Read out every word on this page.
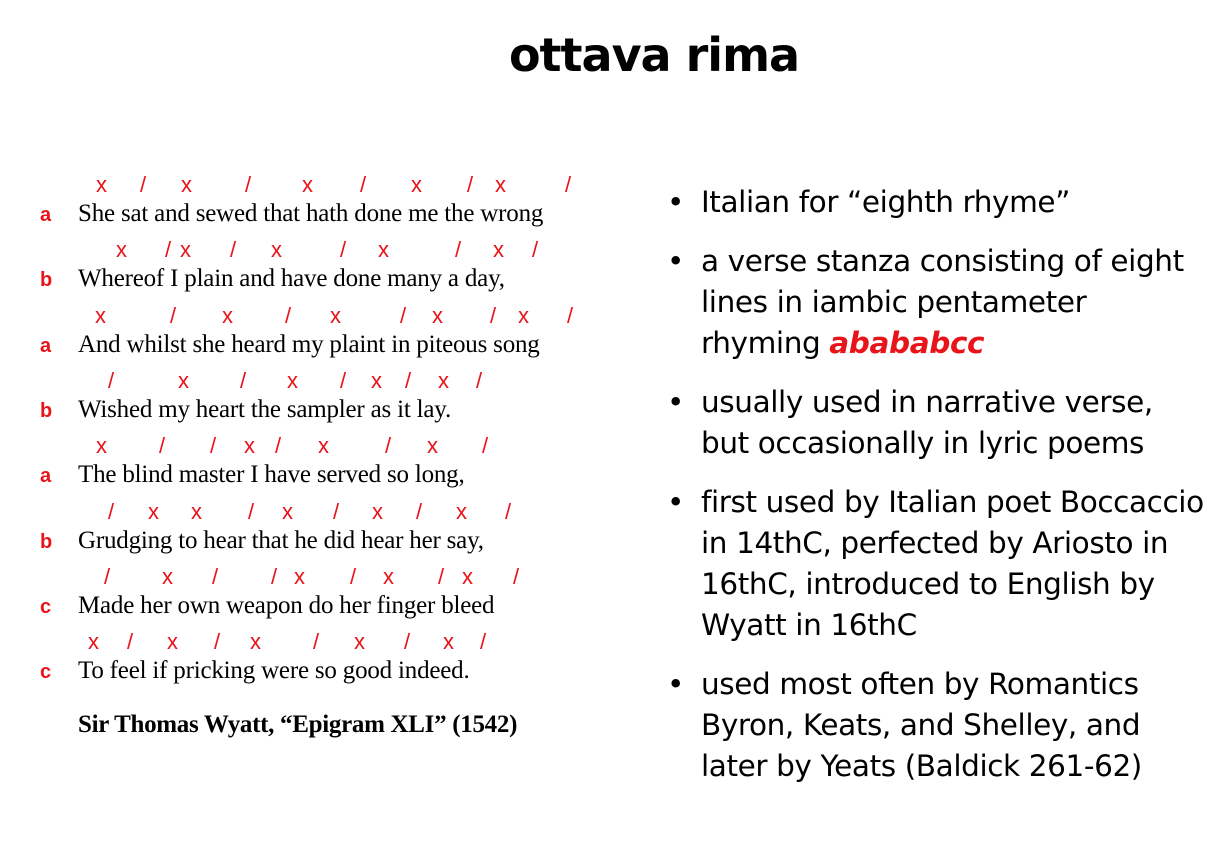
ottava rima
a She sat and sewed that hath done me the wrong
x / x / x / x / x	/
b Whereof I plain and have done many a day,
x / x / x	/ x	/ x /
a And whilst she heard my plaint in piteous song
x	/ x / x	/ x / x /
b Wished my heart the sampler as it lay.
/	x / x / x / x /
a The blind master I have served so long,
x / / x / x	/ x /
b Grudging to hear that he did hear her say,
/ x x / x / x / x /
c Made her own weapon do her finger bleed
/ x / / x / x / x /
c To feel if pricking were so good indeed.
x / x / x / x / x /
Sir Thomas Wyatt, “Epigram XLI” (1542)
• Italian for “eighth rhyme”
• a verse stanza consisting of eight lines in iambic pentameter rhyming abababcc
• usually used in narrative verse, but occasionally in lyric poems
• first used by Italian poet Boccaccio in 14thC, perfected by Ariosto in 16thC, introduced to English by Wyatt in 16thC
• used most often by Romantics Byron, Keats, and Shelley, and later by Yeats (Baldick 261-62)
